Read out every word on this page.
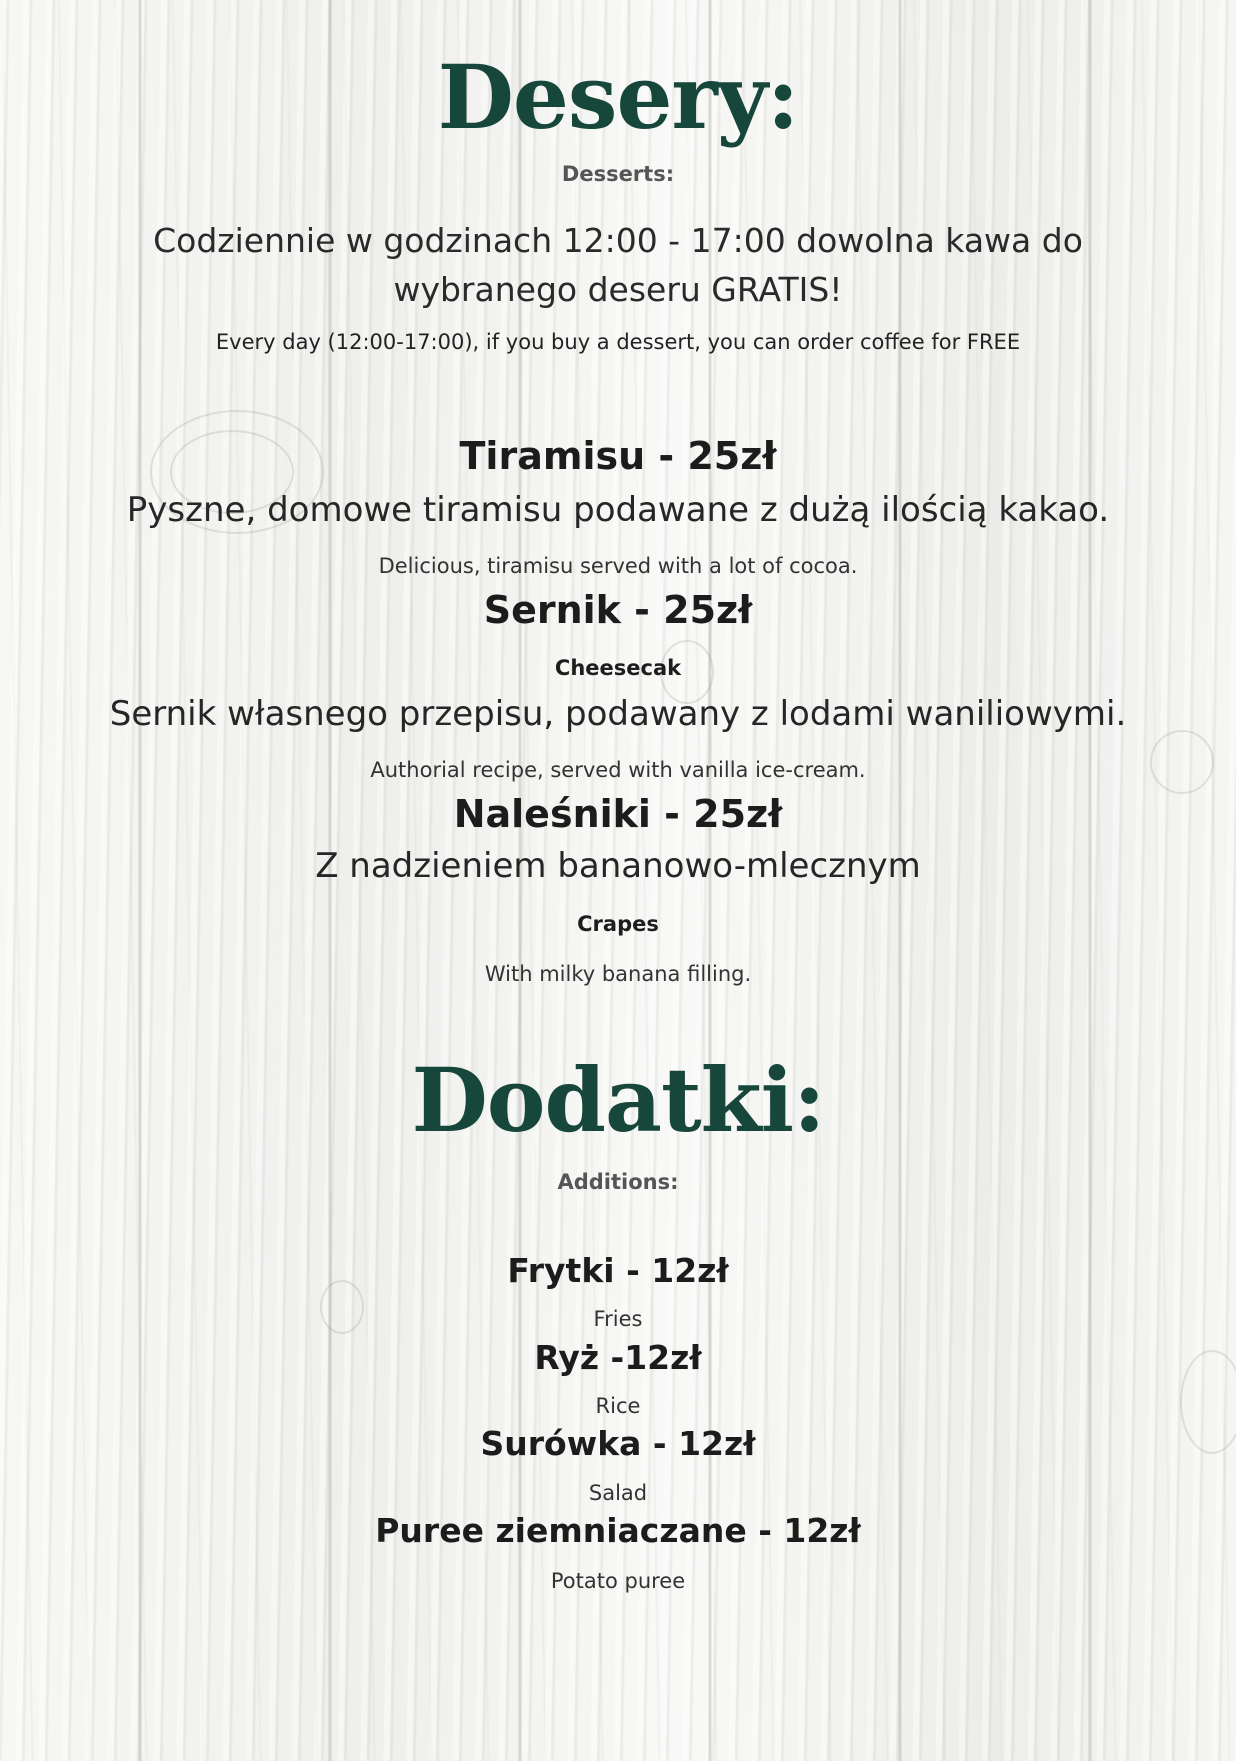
Desery:
Desserts:
Codziennie w godzinach 12:00 - 17:00 dowolna kawa do
wybranego deseru GRATIS!
Every day (12:00-17:00), if you buy a dessert, you can order coffee for FREE
Tiramisu - 25zł
Pyszne, domowe tiramisu podawane z dużą ilością kakao.
Delicious, tiramisu served with a lot of cocoa.
Sernik - 25zł
Cheesecak
Sernik własnego przepisu, podawany z lodami waniliowymi.
Authorial recipe, served with vanilla ice-cream.
Naleśniki - 25zł
Z nadzieniem bananowo-mlecznym
Crapes
With milky banana filling.
Dodatki:
Additions:
Frytki - 12zł
Fries
Ryż -12zł
Rice
Surówka - 12zł
Salad
Puree ziemniaczane - 12zł
Potato puree
